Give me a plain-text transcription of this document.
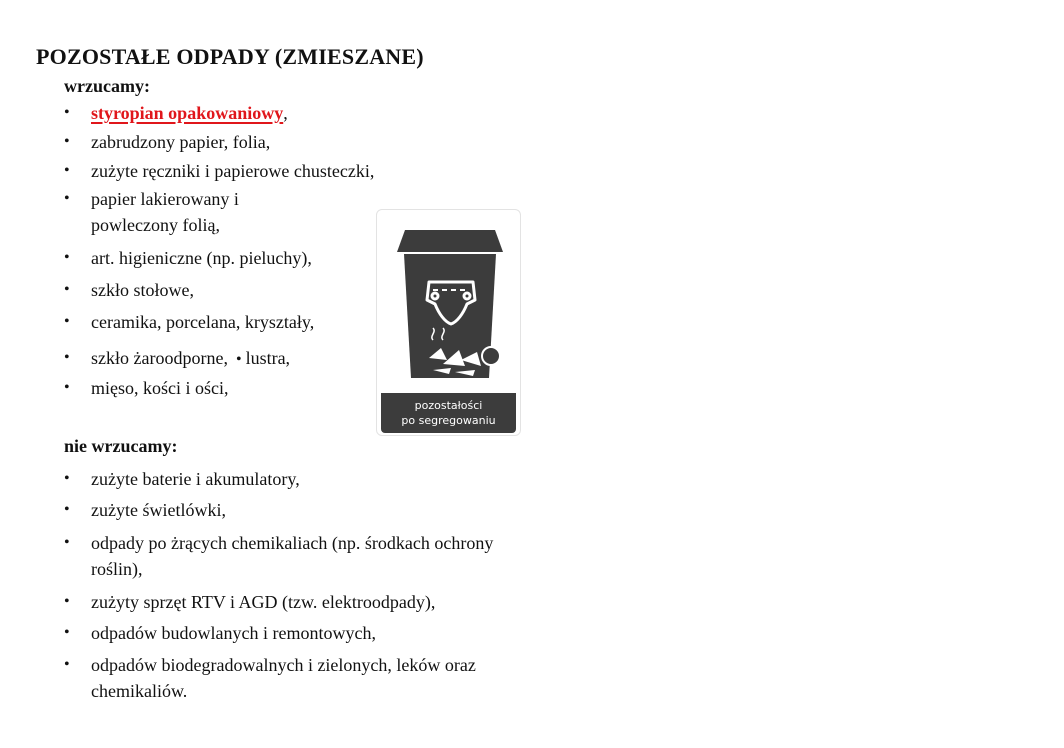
POZOSTAŁE ODPADY (ZMIESZANE)
wrzucamy:
• styropian opakowaniowy,
• zabrudzony papier, folia,
• zużyte ręczniki i papierowe chusteczki,
• papier lakierowany i
powleczony folią,
• art. higieniczne (np. pieluchy),
• szkło stołowe,
• ceramika, porcelana, kryształy,
• szkło żaroodporne, • lustra,
• mięso, kości i ości,
nie wrzucamy:
• zużyte baterie i akumulatory,
• zużyte świetlówki,
• odpady po żrących chemikaliach (np. środkach ochrony
roślin),
• zużyty sprzęt RTV i AGD (tzw. elektroodpady),
• odpadów budowlanych i remontowych,
• odpadów biodegradowalnych i zielonych, leków oraz
chemikaliów.
pozostałości
po segregowaniu
